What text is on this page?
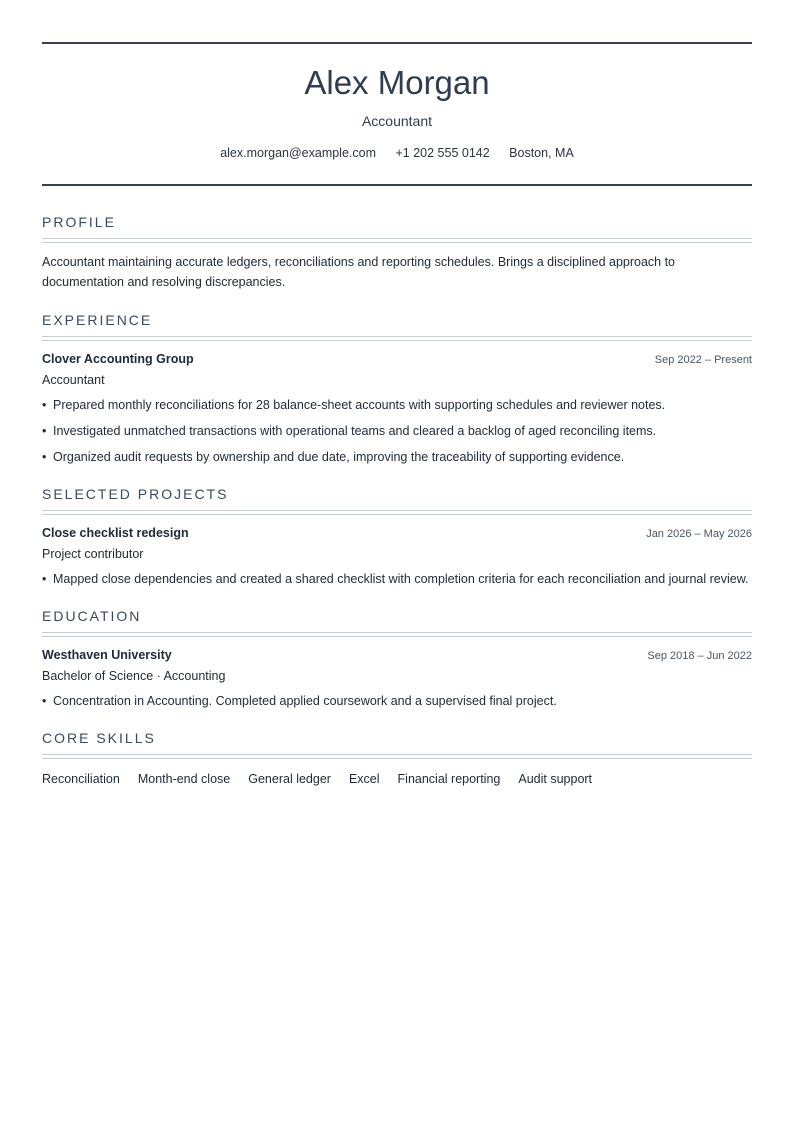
Alex Morgan
Accountant
alex.morgan@example.com +1 202 555 0142 Boston, MA
PROFILE
Accountant maintaining accurate ledgers, reconciliations and reporting schedules. Brings a disciplined approach to documentation and resolving discrepancies.
EXPERIENCE
Clover Accounting Group	Sep 2022 – Present
Accountant
• Prepared monthly reconciliations for 28 balance-sheet accounts with supporting schedules and reviewer notes.
• Investigated unmatched transactions with operational teams and cleared a backlog of aged reconciling items.
• Organized audit requests by ownership and due date, improving the traceability of supporting evidence.
SELECTED PROJECTS
Close checklist redesign	Jan 2026 – May 2026
Project contributor
• Mapped close dependencies and created a shared checklist with completion criteria for each reconciliation and journal review.
EDUCATION
Westhaven University	Sep 2018 – Jun 2022
Bachelor of Science · Accounting
• Concentration in Accounting. Completed applied coursework and a supervised final project.
CORE SKILLS
Reconciliation Month-end close General ledger Excel Financial reporting Audit support
